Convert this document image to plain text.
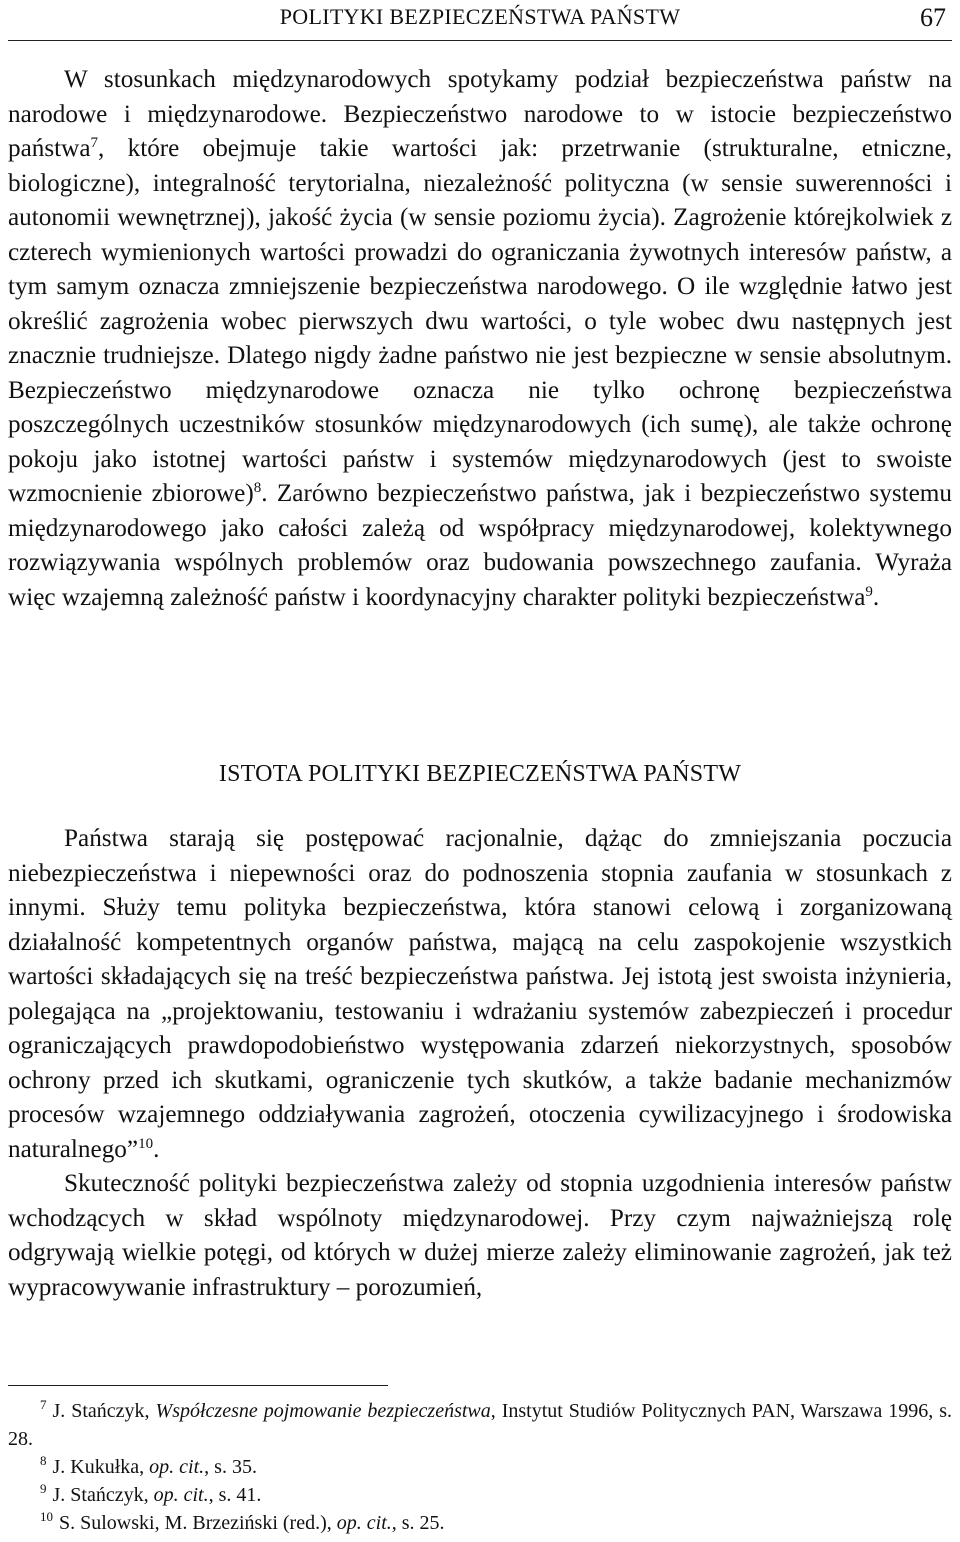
POLITYKI BEZPIECZEŃSTWA PAŃSTW	67

W stosunkach międzynarodowych spotykamy podział bezpieczeństwa państw na narodowe i międzynarodowe. Bezpieczeństwo narodowe to w istocie bezpieczeństwo państwa$^7$, które obejmuje takie wartości jak: przetrwanie (strukturalne, etniczne, biologiczne), integralność terytorialna, niezależność polityczna (w sensie suwerenności i autonomii wewnętrznej), jakość życia (w sensie poziomu życia). Zagrożenie którejkolwiek z czterech wymienionych wartości prowadzi do ograniczania żywotnych interesów państw, a tym samym oznacza zmniejszenie bezpieczeństwa narodowego. O ile względnie łatwo jest określić zagrożenia wobec pierwszych dwu wartości, o tyle wobec dwu następnych jest znacznie trudniejsze. Dlatego nigdy żadne państwo nie jest bezpieczne w sensie absolutnym. Bezpieczeństwo międzynarodowe oznacza nie tylko ochronę bezpieczeństwa poszczególnych uczestników stosunków międzynarodowych (ich sumę), ale także ochronę pokoju jako istotnej wartości państw i systemów międzynarodowych (jest to swoiste wzmocnienie zbiorowe)$^8$. Zarówno bezpieczeństwo państwa, jak i bezpieczeństwo systemu międzynarodowego jako całości zależą od współpracy międzynarodowej, kolektywnego rozwiązywania wspólnych problemów oraz budowania powszechnego zaufania. Wyraża więc wzajemną zależność państw i koordynacyjny charakter polityki bezpieczeństwa$^9$.

ISTOTA POLITYKI BEZPIECZEŃSTWA PAŃSTW

Państwa starają się postępować racjonalnie, dążąc do zmniejszania poczucia niebezpieczeństwa i niepewności oraz do podnoszenia stopnia zaufania w stosunkach z innymi. Służy temu polityka bezpieczeństwa, która stanowi celową i zorganizowaną działalność kompetentnych organów państwa, mającą na celu zaspokojenie wszystkich wartości składających się na treść bezpieczeństwa państwa. Jej istotą jest swoista inżynieria, polegająca na „projektowaniu, testowaniu i wdrażaniu systemów zabezpieczeń i procedur ograniczających prawdopodobieństwo występowania zdarzeń niekorzystnych, sposobów ochrony przed ich skutkami, ograniczenie tych skutków, a także badanie mechanizmów procesów wzajemnego oddziaływania zagrożeń, otoczenia cywilizacyjnego i środowiska naturalnego”$^{10}$.

Skuteczność polityki bezpieczeństwa zależy od stopnia uzgodnienia interesów państw wchodzących w skład wspólnoty międzynarodowej. Przy czym najważniejszą rolę odgrywają wielkie potęgi, od których w dużej mierze zależy eliminowanie zagrożeń, jak też wypracowywanie infrastruktury – porozumień,

$^7$ J. Stańczyk, Współczesne pojmowanie bezpieczeństwa, Instytut Studiów Politycznych PAN, Warszawa 1996, s. 28.

$^8$ J. Kukułka, op. cit., s. 35.

$^9$ J. Stańczyk, op. cit., s. 41.

$^{10}$ S. Sulowski, M. Brzeziński (red.), op. cit., s. 25.
